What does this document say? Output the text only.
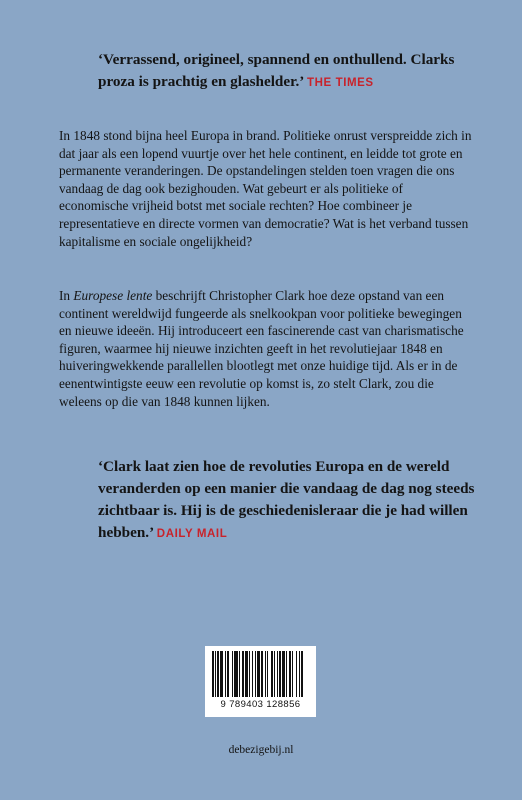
‘Verrassend, origineel, spannend en onthullend. Clarks proza is prachtig en glashelder.’ THE TIMES
In 1848 stond bijna heel Europa in brand. Politieke onrust verspreidde zich in dat jaar als een lopend vuurtje over het hele continent, en leidde tot grote en permanente veranderingen. De opstandelingen stelden toen vragen die ons vandaag de dag ook bezighouden. Wat gebeurt er als politieke of economische vrijheid botst met sociale rechten? Hoe combineer je representatieve en directe vormen van democratie? Wat is het verband tussen kapitalisme en sociale ongelijkheid?
In Europese lente beschrijft Christopher Clark hoe deze opstand van een continent wereldwijd fungeerde als snelkookpan voor politieke bewegingen en nieuwe ideeën. Hij introduceert een fascinerende cast van charismatische figuren, waarmee hij nieuwe inzichten geeft in het revolutiejaar 1848 en huiveringwekkende parallellen blootlegt met onze huidige tijd. Als er in de eenentwintigste eeuw een revolutie op komst is, zo stelt Clark, zou die weleens op die van 1848 kunnen lijken.
‘Clark laat zien hoe de revoluties Europa en de wereld veranderden op een manier die vandaag de dag nog steeds zichtbaar is. Hij is de geschiedenisleraar die je had willen hebben.’ DAILY MAIL
9 789403 128856
debezigebij.nl
